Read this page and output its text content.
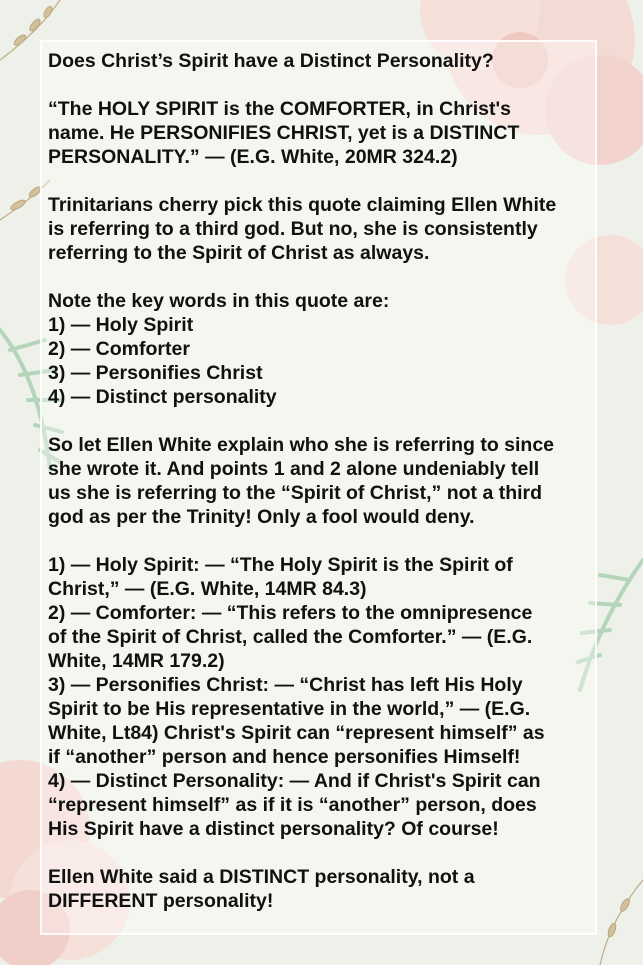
Does Christ’s Spirit have a Distinct Personality?

“The HOLY SPIRIT is the COMFORTER, in Christ's
name. He PERSONIFIES CHRIST, yet is a DISTINCT
PERSONALITY.” — (E.G. White, 20MR 324.2)

Trinitarians cherry pick this quote claiming Ellen White
is referring to a third god. But no, she is consistently
referring to the Spirit of Christ as always.

Note the key words in this quote are:
1) — Holy Spirit
2) — Comforter
3) — Personifies Christ
4) — Distinct personality

So let Ellen White explain who she is referring to since
she wrote it. And points 1 and 2 alone undeniably tell
us she is referring to the “Spirit of Christ,” not a third
god as per the Trinity! Only a fool would deny.

1) — Holy Spirit: — “The Holy Spirit is the Spirit of
Christ,” — (E.G. White, 14MR 84.3)
2) — Comforter: — “This refers to the omnipresence
of the Spirit of Christ, called the Comforter.” — (E.G.
White, 14MR 179.2)
3) — Personifies Christ: — “Christ has left His Holy
Spirit to be His representative in the world,” — (E.G.
White, Lt84) Christ's Spirit can “represent himself” as
if “another” person and hence personifies Himself!
4) — Distinct Personality: — And if Christ's Spirit can
“represent himself” as if it is “another” person, does
His Spirit have a distinct personality? Of course!

Ellen White said a DISTINCT personality, not a
DIFFERENT personality!
